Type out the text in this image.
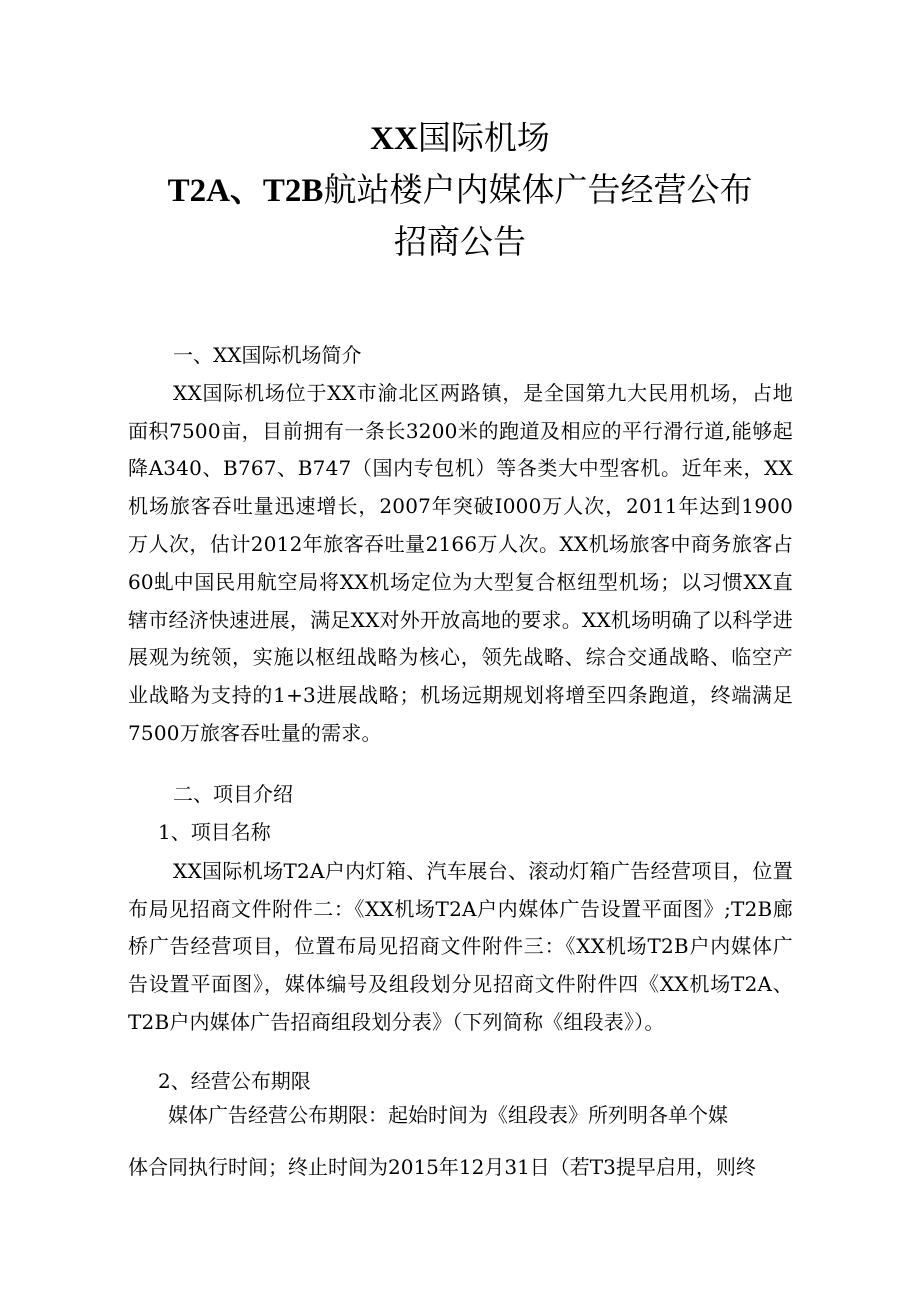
XX国际机场
T2A、T2B航站楼户内媒体广告经营公布
招商公告
一、XX国际机场简介
XX国际机场位于XX市渝北区两路镇，是全国第九大民用机场，占地面积7500亩，目前拥有一条长3200米的跑道及相应的平行滑行道,能够起降A340、B767、B747（国内专包机）等各类大中型客机。近年来，XX机场旅客吞吐量迅速增长，2007年突破I000万人次，2011年达到1900万人次，估计2012年旅客吞吐量2166万人次。XX机场旅客中商务旅客占60虬
中国民用航空局将XX机场定位为大型复合枢纽型机场；以习惯XX直辖市经济快速进展，满足XX对外开放高地的要求。XX机场明确了以科学进展观为统领，实施以枢纽战略为核心，领先战略、综合交通战略、临空产业战略为支持的1+3进展战略；机场远期规划将增至四条跑道，终端满足7500万旅客吞吐量的需求。
二、项目介绍
1、项目名称
XX国际机场T2A户内灯箱、汽车展台、滚动灯箱广告经营项目，位置布局见招商文件附件二：《XX机场T2A户内媒体广告设置平面图》;T2B廊桥广告经营项目，位置布局见招商文件附件三：《XX机场T2B户内媒体广告设置平面图》，媒体编号及组段划分见招商文件附件四《XX机场T2A、T2B户内媒体广告招商组段划分表》（下列简称《组段表》）。
2、经营公布期限
媒体广告经营公布期限：起始时间为《组段表》所列明各单个媒
体合同执行时间；终止时间为2015年12月31日（若T3提早启用，则终
